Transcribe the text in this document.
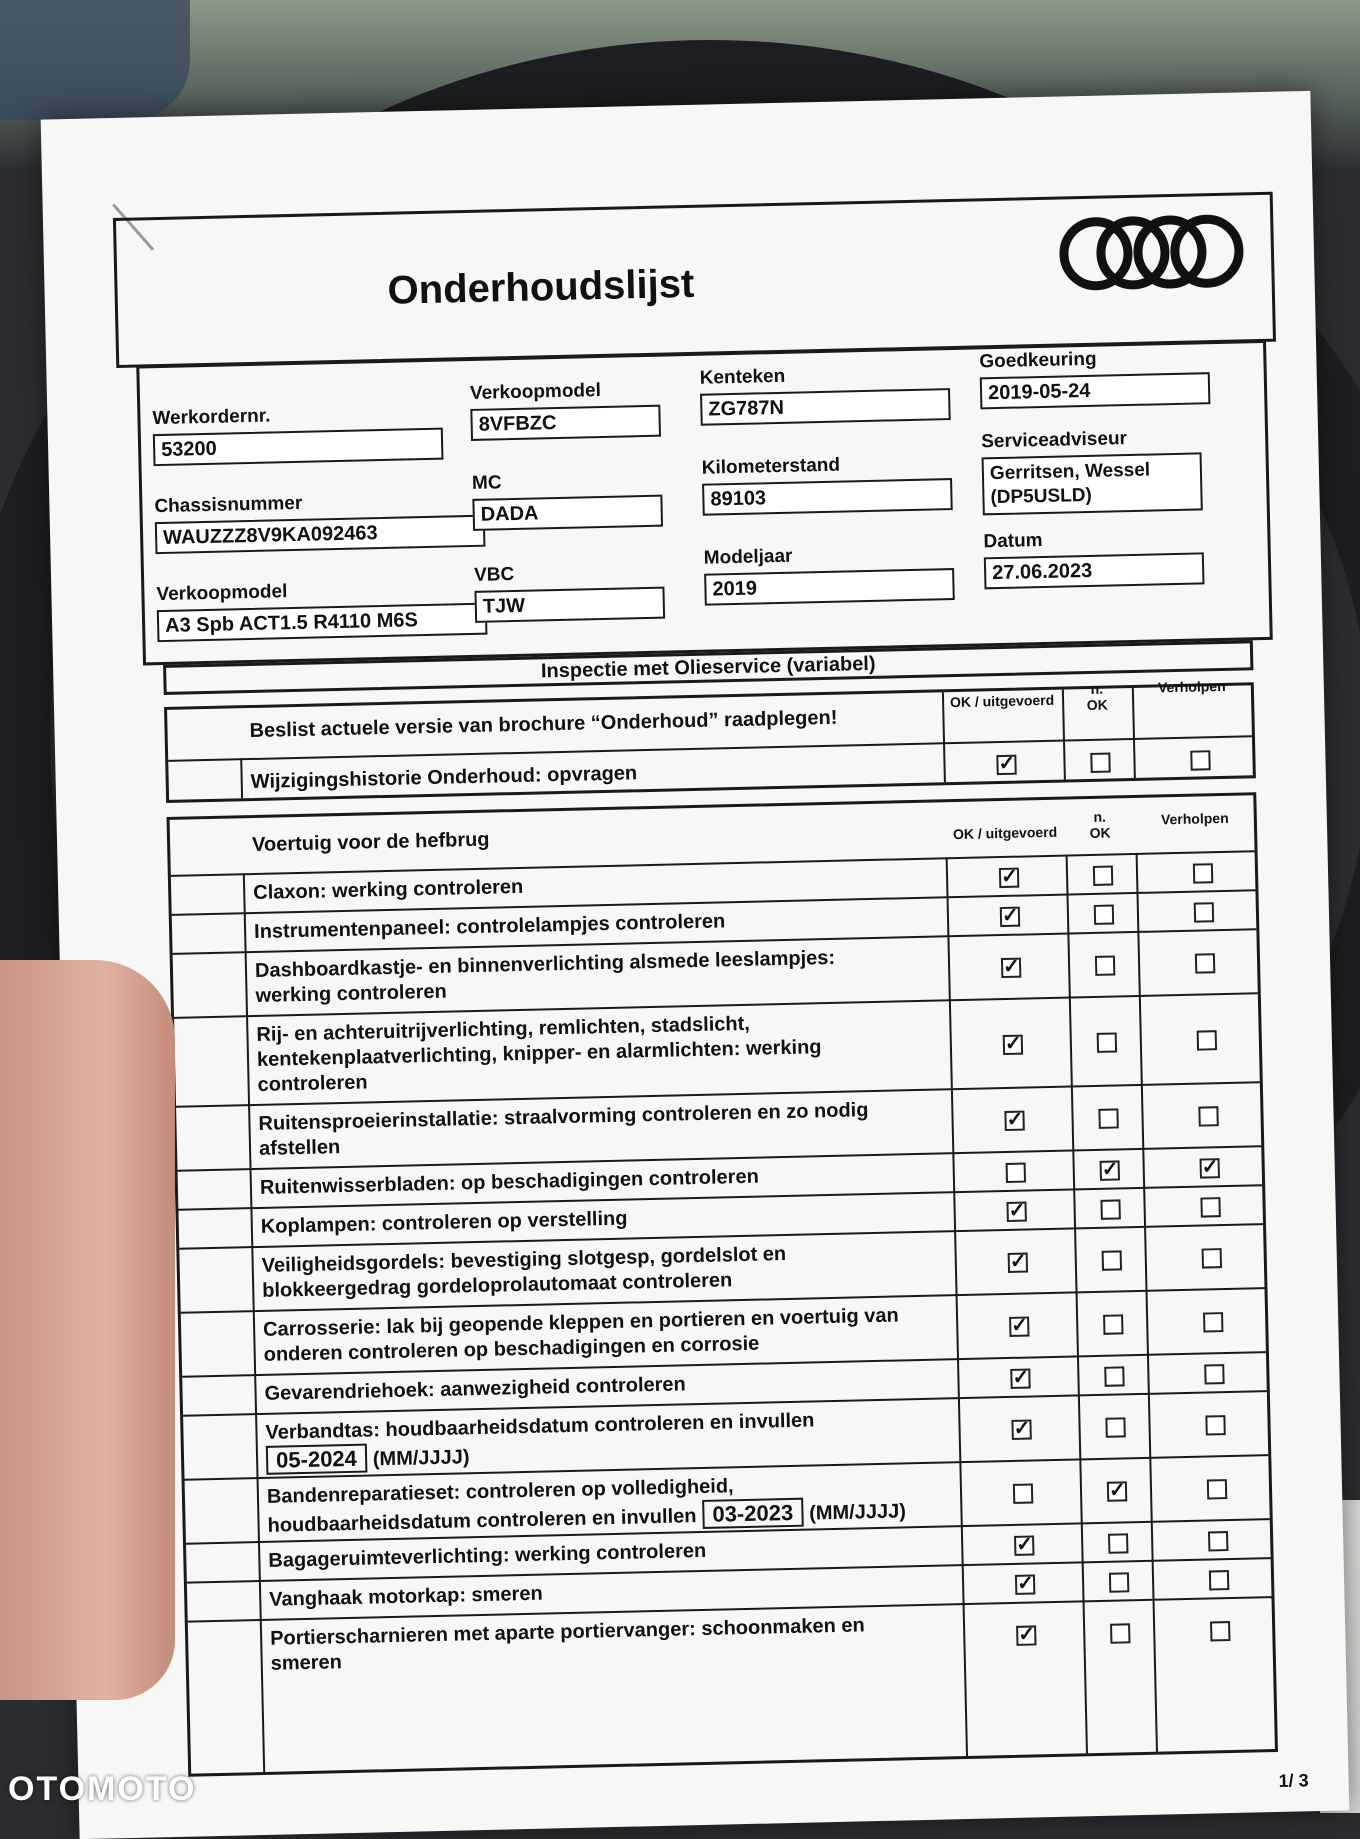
Onderhoudslijst
Werkordernr.
53200
Verkoopmodel
8VFBZC
Kenteken
ZG787N
Goedkeuring
2019-05-24
Chassisnummer
WAUZZZ8V9KA092463
MC
DADA
Kilometerstand
89103
Serviceadviseur
Gerritsen, Wessel
(DP5USLD)
Verkoopmodel
A3 Spb ACT1.5 R4110 M6S
VBC
TJW
Modeljaar
2019
Datum
27.06.2023
Inspectie met Olieservice (variabel)
Beslist actuele versie van brochure “Onderhoud” raadplegen!
OK / uitgevoerd
n.
OK
Verholpen
Wijzigingshistorie Onderhoud: opvragen
✓
Voertuig voor de hefbrug	OK / uitgevoerd
n.
OK
Verholpen
Claxon: werking controleren
✓
Instrumentenpaneel: controlelampjes controleren
✓
Dashboardkastje- en binnenverlichting alsmede leeslampjes:
werking controleren
✓
Rij- en achteruitrijverlichting, remlichten, stadslicht,
kentekenplaatverlichting, knipper- en alarmlichten: werking
controleren
✓
Ruitensproeierinstallatie: straalvorming controleren en zo nodig
afstellen
✓
Ruitenwisserbladen: op beschadigingen controleren
✓
✓
Koplampen: controleren op verstelling
✓
Veiligheidsgordels: bevestiging slotgesp, gordelslot en
blokkeergedrag gordeloprolautomaat controleren
✓
Carrosserie: lak bij geopende kleppen en portieren en voertuig van
onderen controleren op beschadigingen en corrosie
✓
Gevarendriehoek: aanwezigheid controleren
✓
Verbandtas: houdbaarheidsdatum controleren en invullen
05-2024 (MM/JJJJ)
✓
Bandenreparatieset: controleren op volledigheid,
houdbaarheidsdatum controleren en invullen 03-2023 (MM/JJJJ)
✓
Bagageruimteverlichting: werking controleren
✓
Vanghaak motorkap: smeren
✓
Portierscharnieren met aparte portiervanger: schoonmaken en
smeren
✓
1/ 3
OTOMOTO
